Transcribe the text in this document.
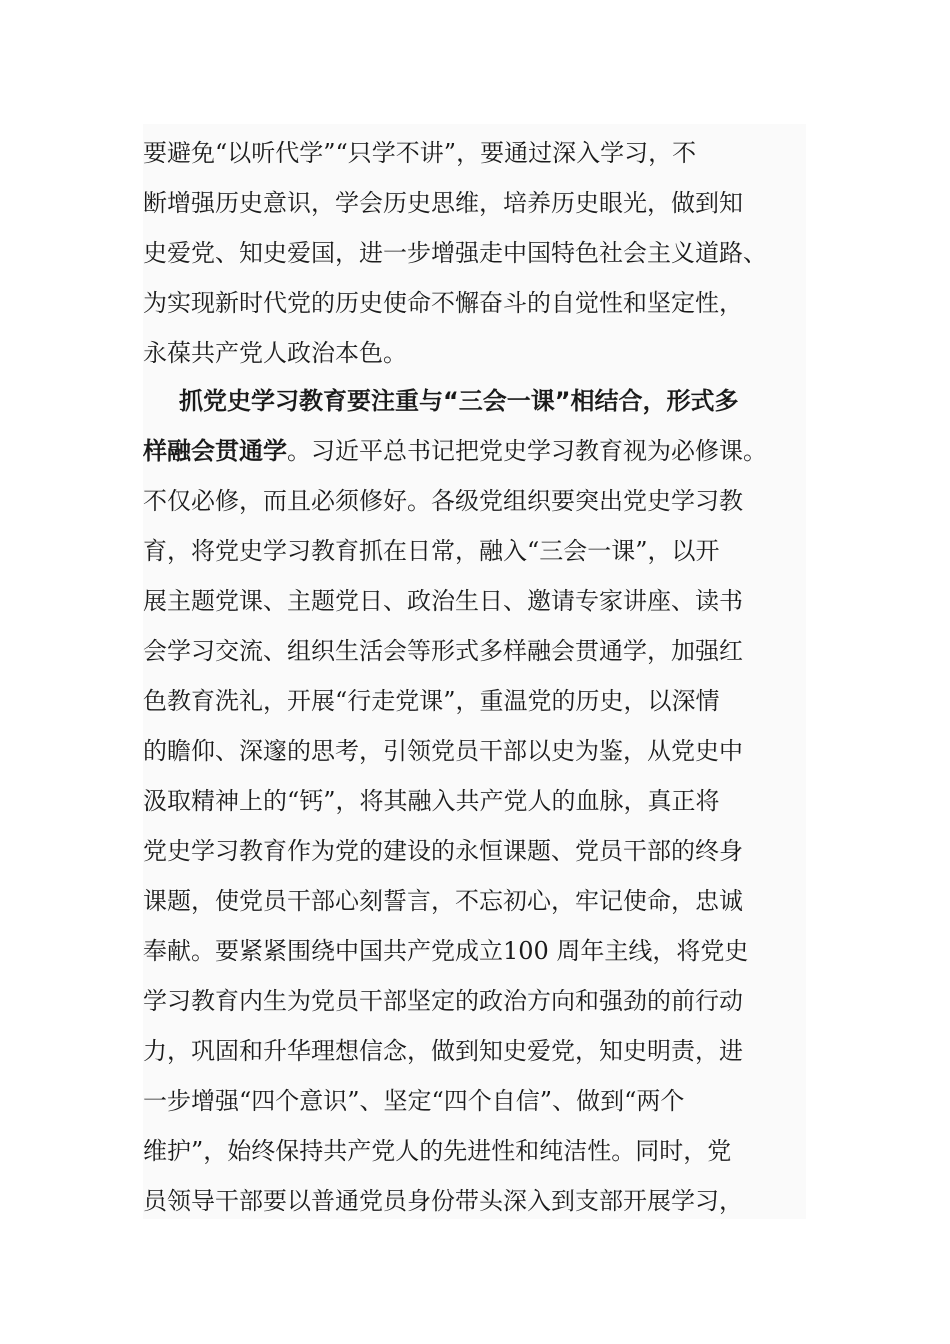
要避免“以听代学”“只学不讲”，要通过深入学习，不
断增强历史意识，学会历史思维，培养历史眼光，做到知
史爱党、知史爱国，进一步增强走中国特色社会主义道路、
为实现新时代党的历史使命不懈奋斗的自觉性和坚定性，
永葆共产党人政治本色。
抓党史学习教育要注重与“三会一课”相结合，形式多
样融会贯通学。习近平总书记把党史学习教育视为必修课。
不仅必修，而且必须修好。各级党组织要突出党史学习教
育，将党史学习教育抓在日常，融入“三会一课”，以开
展主题党课、主题党日、政治生日、邀请专家讲座、读书
会学习交流、组织生活会等形式多样融会贯通学，加强红
色教育洗礼，开展“行走党课”，重温党的历史，以深情
的瞻仰、深邃的思考，引领党员干部以史为鉴，从党史中
汲取精神上的“钙”，将其融入共产党人的血脉，真正将
党史学习教育作为党的建设的永恒课题、党员干部的终身
课题，使党员干部心刻誓言，不忘初心，牢记使命，忠诚
奉献。要紧紧围绕中国共产党成立100 周年主线，将党史
学习教育内生为党员干部坚定的政治方向和强劲的前行动
力，巩固和升华理想信念，做到知史爱党，知史明责，进
一步增强“四个意识”、坚定“四个自信”、做到“两个
维护”，始终保持共产党人的先进性和纯洁性。同时，党
员领导干部要以普通党员身份带头深入到支部开展学习，
